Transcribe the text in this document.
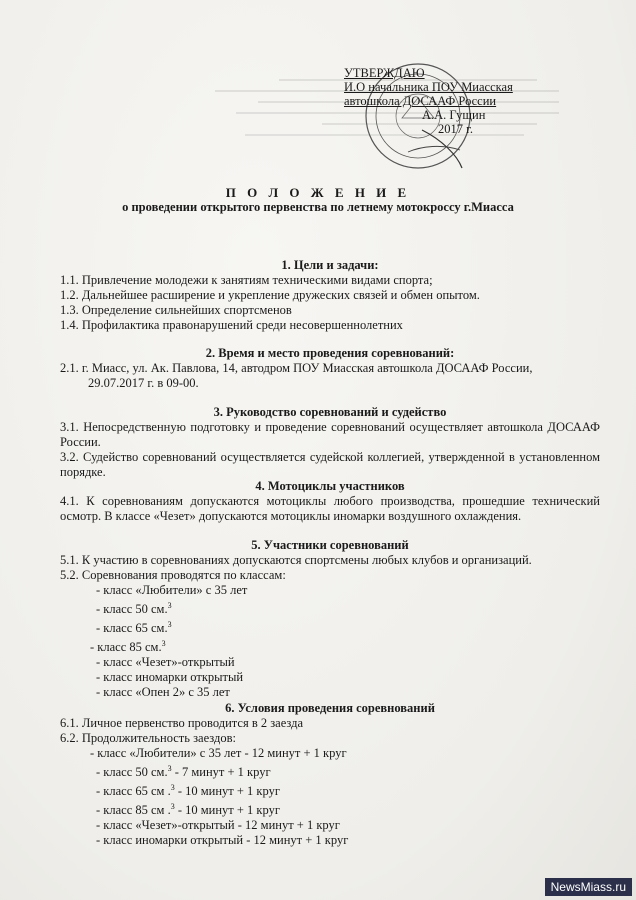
УТВЕРЖДАЮ
И.О начальника ПОУ Миасская
автошкола ДОСААФ России
А.А. Гущин
2017 г.
П О Л О Ж Е Н И Е
о проведении открытого первенства по летнему мотокроссу г.Миасса
1. Цели и задачи:
1.1. Привлечение молодежи к занятиям техническими видами спорта;
1.2. Дальнейшее расширение и укрепление дружеских связей и обмен опытом.
1.3. Определение сильнейших спортсменов
1.4. Профилактика правонарушений среди несовершеннолетних
2. Время и место проведения соревнований:
2.1. г. Миасс, ул. Ак. Павлова, 14, автодром ПОУ Миасская автошкола ДОСААФ России,
29.07.2017 г. в 09-00.
3. Руководство соревнований и судейство
3.1. Непосредственную подготовку и проведение соревнований осуществляет автошкола ДОСААФ России.
3.2. Судейство соревнований осуществляется судейской коллегией, утвержденной в установленном порядке.
4. Мотоциклы участников
4.1. К соревнованиям допускаются мотоциклы любого производства, прошедшие технический осмотр. В классе «Чезет» допускаются мотоциклы иномарки воздушного охлаждения.
5. Участники соревнований
5.1. К участию в соревнованиях допускаются спортсмены любых клубов и организаций.
5.2. Соревнования проводятся по классам:
- класс «Любители» с 35 лет
- класс 50 см.$^3$
- класс 65 см.$^3$
- класс 85 см.$^3$
- класс «Чезет»-открытый
- класс иномарки открытый
- класс «Опен 2» с 35 лет
6. Условия проведения соревнований
6.1. Личное первенство проводится в 2 заезда
6.2. Продолжительность заездов:
- класс «Любители» с 35 лет - 12 минут + 1 круг
- класс 50 см.$^3$ - 7 минут + 1 круг
- класс 65 см .$^3$ - 10 минут + 1 круг
- класс 85 см .$^3$ - 10 минут + 1 круг
- класс «Чезет»-открытый - 12 минут + 1 круг
- класс иномарки открытый - 12 минут + 1 круг
NewsMiass.ru
